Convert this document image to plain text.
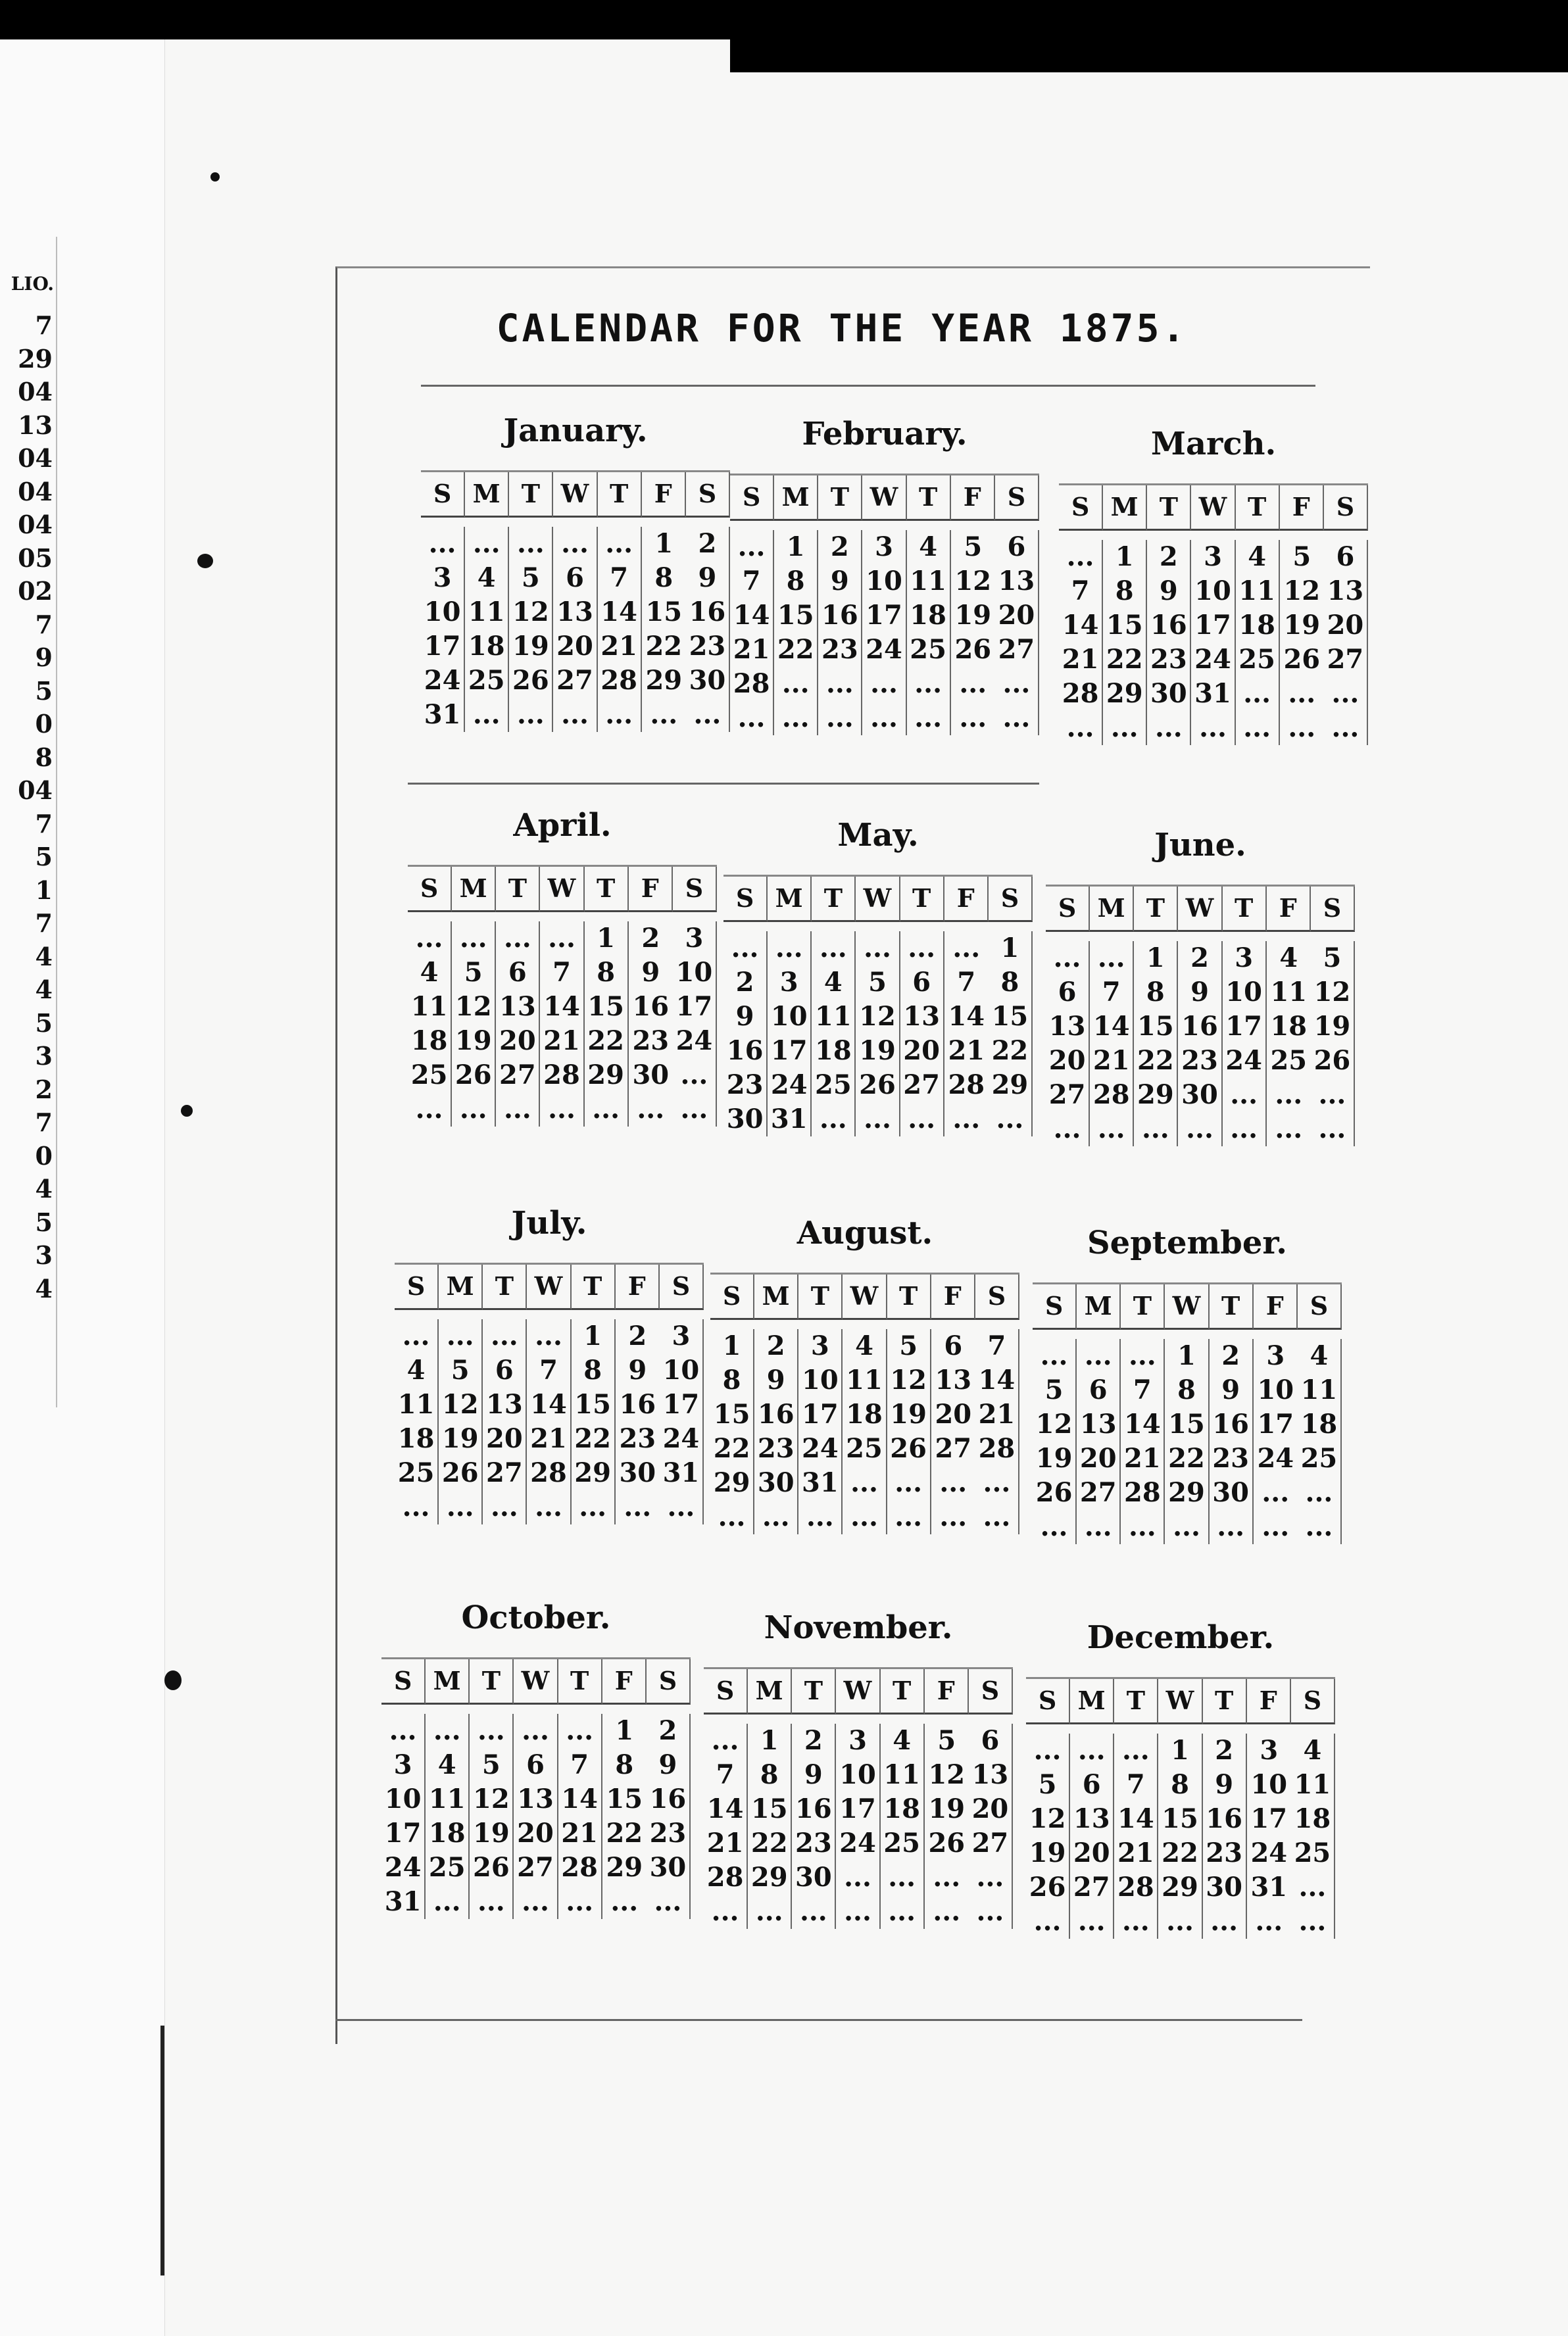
LIO.
7
29
04
13
04
04
04
05
02
7
9
5
0
8
04
7
5
1
7
4
4
5
3
2
7
0
4
5
3
4
CALENDAR FOR THE YEAR 1875.
January.
S M T W T	F	S
... ... ... ... ... 1 2
3 4 5 6 7	8 9
10 11 12 13 14 15 16
17 18 19 20 21 22 23
24 25 26 27 28 29 30
31 ... ... ... ... ... ...
February.
S M T W T	F	S
... 1 2 3 4	5 6
7 8 9 10 11 12 13
14 15 16 17 18 19 20
21 22 23 24 25 26 27
28 ... ... ... ... ... ...
... ... ... ... ... ... ...
March.
S M T W T	F	S
... 1 2 3 4	5 6
7 8 9 10 11 12 13
14 15 16 17 18 19 20
21 22 23 24 25 26 27
28 29 30 31 ... ... ...
... ... ... ... ... ... ...
April.
S M T W T	F	S
... ... ... ... 1	2 3
4 5 6 7 8	9 10
11 12 13 14 15 16 17
18 19 20 21 22 23 24
25 26 27 28 29 30 ...
... ... ... ... ... ... ...
May.
S M T W T	F	S
... ... ... ... ... ... 1
2 3 4 5 6	7 8
9 10 11 12 13 14 15
16 17 18 19 20 21 22
23 24 25 26 27 28 29
30 31 ... ... ... ... ...
June.
S M T W T	F	S
... ... 1 2 3	4 5
6 7 8 9 10 11 12
13 14 15 16 17 18 19
20 21 22 23 24 25 26
27 28 29 30 ... ... ...
... ... ... ... ... ... ...
July.
S M T W T	F	S
... ... ... ... 1	2 3
4 5 6 7 8	9 10
11 12 13 14 15 16 17
18 19 20 21 22 23 24
25 26 27 28 29 30 31
... ... ... ... ... ... ...
August.
S M T W T	F	S
1 2 3 4 5	6 7
8 9 10 11 12 13 14
15 16 17 18 19 20 21
22 23 24 25 26 27 28
29 30 31 ... ... ... ...
... ... ... ... ... ... ...
September.
S M T W T	F	S
... ... ... 1 2	3 4
5 6 7 8 9 10 11
12 13 14 15 16 17 18
19 20 21 22 23 24 25
26 27 28 29 30 ... ...
... ... ... ... ... ... ...
October.
S M T W T	F	S
... ... ... ... ... 1 2
3 4 5 6 7	8 9
10 11 12 13 14 15 16
17 18 19 20 21 22 23
24 25 26 27 28 29 30
31 ... ... ... ... ... ...
November.
S M T W T	F	S
... 1 2 3 4	5 6
7 8 9 10 11 12 13
14 15 16 17 18 19 20
21 22 23 24 25 26 27
28 29 30 ... ... ... ...
... ... ... ... ... ... ...
December.
S M T W T	F	S
... ... ... 1 2	3 4
5 6 7 8 9 10 11
12 13 14 15 16 17 18
19 20 21 22 23 24 25
26 27 28 29 30 31 ...
... ... ... ... ... ... ...
